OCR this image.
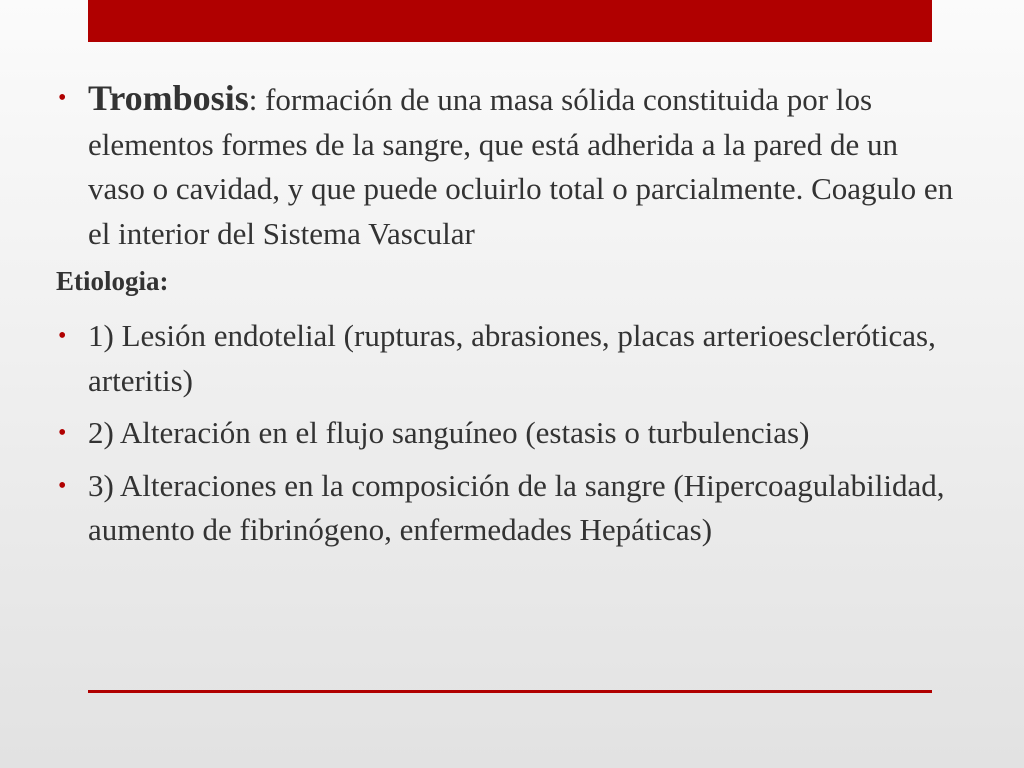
• Trombosis: formación de una masa sólida constituida por los elementos formes de la sangre, que está adherida a la pared de un vaso o cavidad, y que puede ocluirlo total o parcialmente. Coagulo en el interior del Sistema Vascular
Etiologia:
• 1) Lesión endotelial (rupturas, abrasiones, placas arterioescleróticas, arteritis)
• 2) Alteración en el flujo sanguíneo (estasis o turbulencias)
• 3) Alteraciones en la composición de la sangre (Hipercoagulabilidad, aumento de fibrinógeno, enfermedades Hepáticas)
